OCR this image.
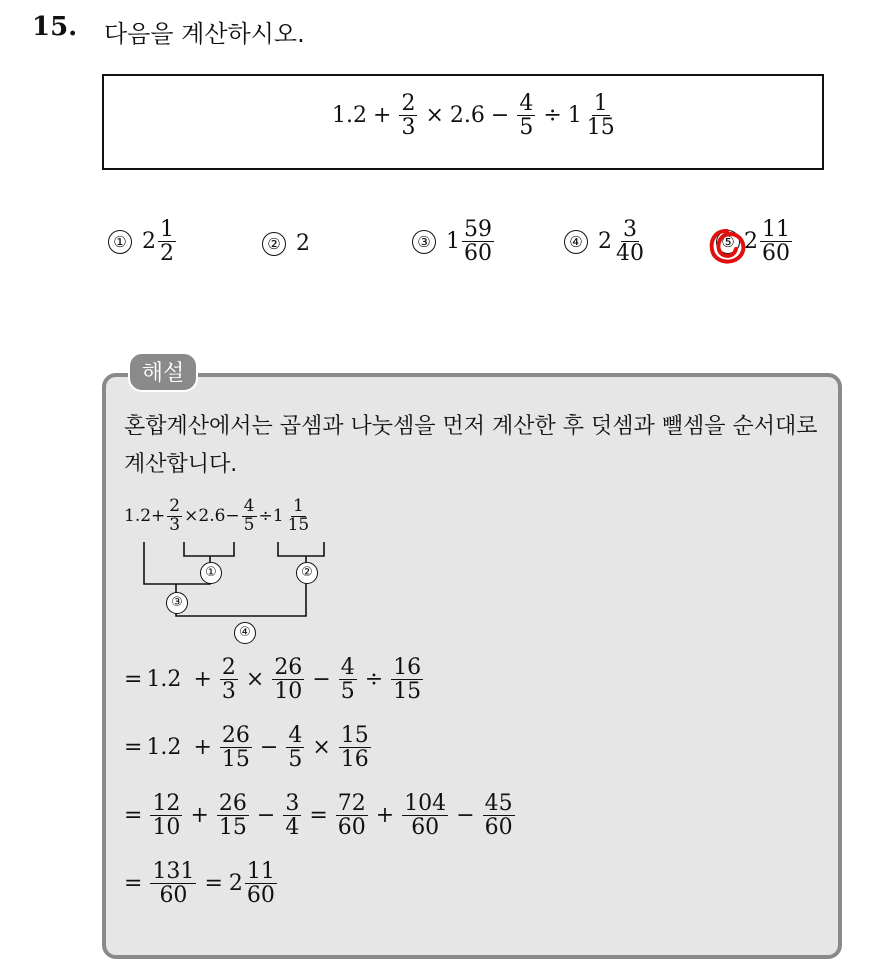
15. 다음을 계산하시오.
$1.2 + \frac{2}{3} \times 2.6 - \frac{4}{5} \div 1 \frac{1}{15}$
① $2 \frac{1}{2}$	② 2	③ $1 \frac{59}{60}$	④ $2 \frac{3}{40}$	⑤ $2 \frac{11}{60}$
해설
혼합계산에서는 곱셈과 나눗셈을 먼저 계산한 후 덧셈과 뺄셈을 순서대로 계산합니다.
$1.2 + \frac{2}{3} \times 2.6 - \frac{4}{5} \div 1 \frac{1}{15}$
①	②
③
④
= $1.2 + \frac{2}{3} \times \frac{26}{10} - \frac{4}{5} \div \frac{16}{15}$
= $1.2 + \frac{26}{15} - \frac{4}{5} \times \frac{15}{16}$
= $\frac{12}{10} + \frac{26}{15} - \frac{3}{4} = \frac{72}{60} + \frac{104}{60} - \frac{45}{60}$
= $\frac{131}{60} = 2 \frac{11}{60}$
